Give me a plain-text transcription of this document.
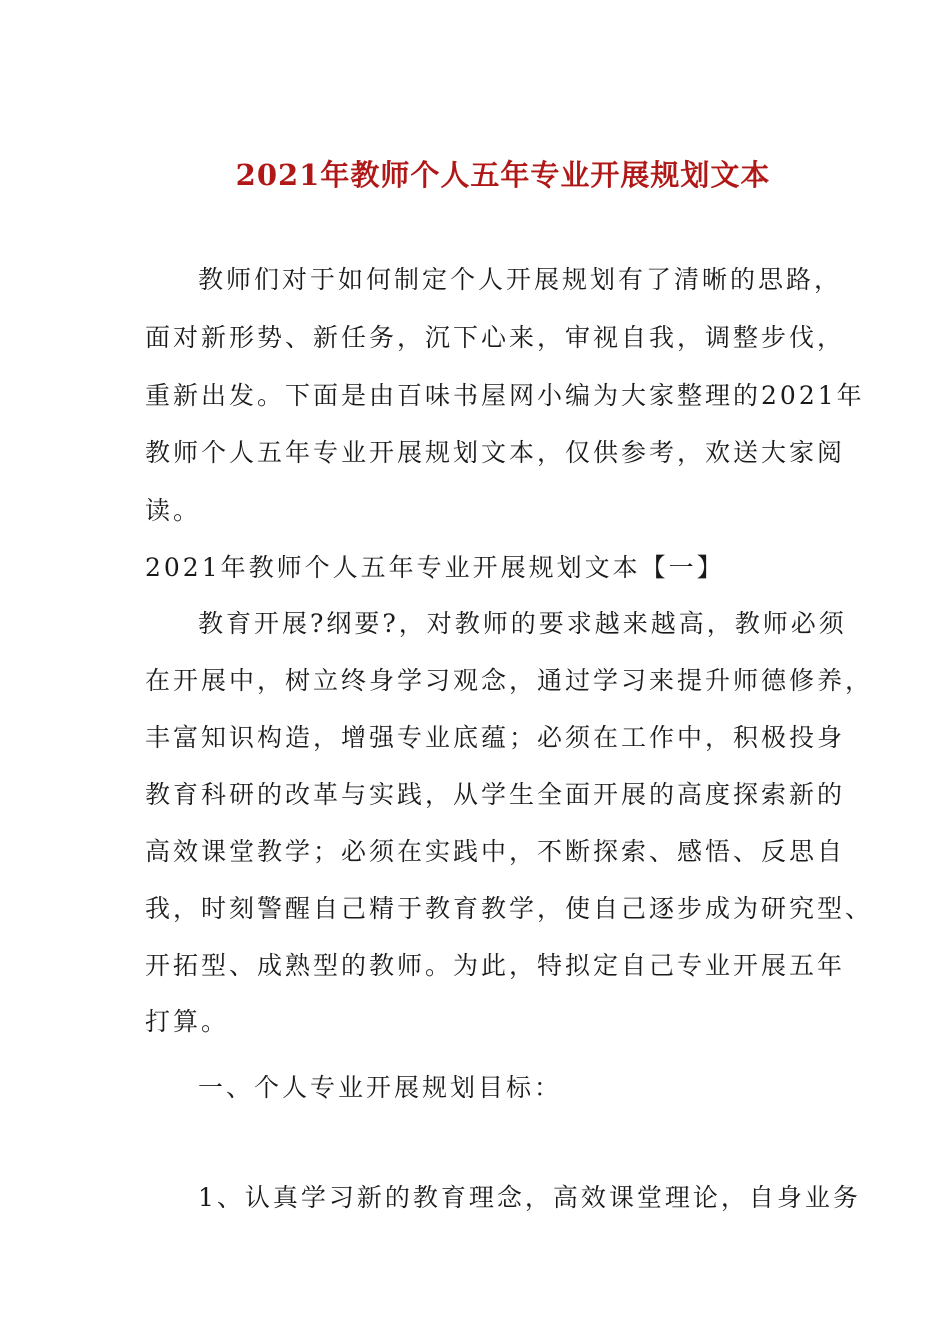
2021年教师个人五年专业开展规划文本
教师们对于如何制定个人开展规划有了清晰的思路，
面对新形势、新任务，沉下心来，审视自我，调整步伐，
重新出发。下面是由百味书屋网小编为大家整理的2021年
教师个人五年专业开展规划文本，仅供参考，欢送大家阅
读。
2021年教师个人五年专业开展规划文本【一】
教育开展?纲要?，对教师的要求越来越高，教师必须
在开展中，树立终身学习观念，通过学习来提升师德修养，
丰富知识构造，增强专业底蕴；必须在工作中，积极投身
教育科研的改革与实践，从学生全面开展的高度探索新的
高效课堂教学；必须在实践中，不断探索、感悟、反思自
我，时刻警醒自己精于教育教学，使自己逐步成为研究型、
开拓型、成熟型的教师。为此，特拟定自己专业开展五年
打算。
一、个人专业开展规划目标：
1、认真学习新的教育理念，高效课堂理论，自身业务
